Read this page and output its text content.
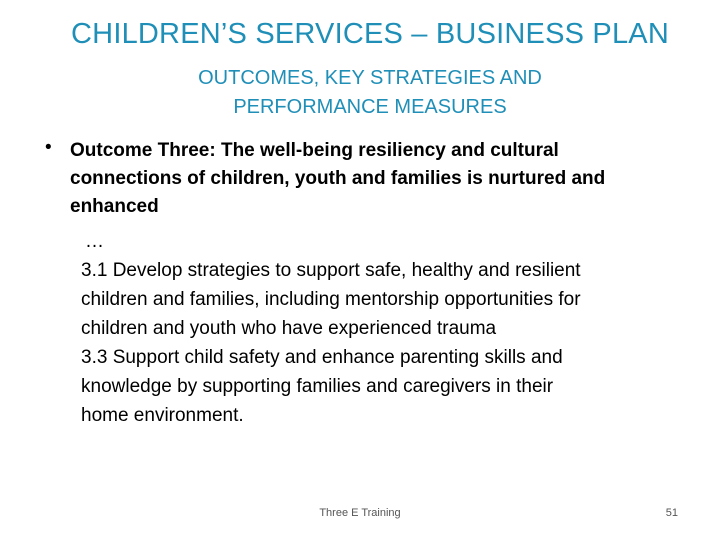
CHILDREN’S SERVICES – BUSINESS PLAN
OUTCOMES, KEY STRATEGIES AND
PERFORMANCE MEASURES
• Outcome Three: The well-being resiliency and cultural
connections of children, youth and families is nurtured and
enhanced
…
3.1 Develop strategies to support safe, healthy and resilient
children and families, including mentorship opportunities for
children and youth who have experienced trauma
3.3 Support child safety and enhance parenting skills and
knowledge by supporting families and caregivers in their
home environment.
Three E Training	51
